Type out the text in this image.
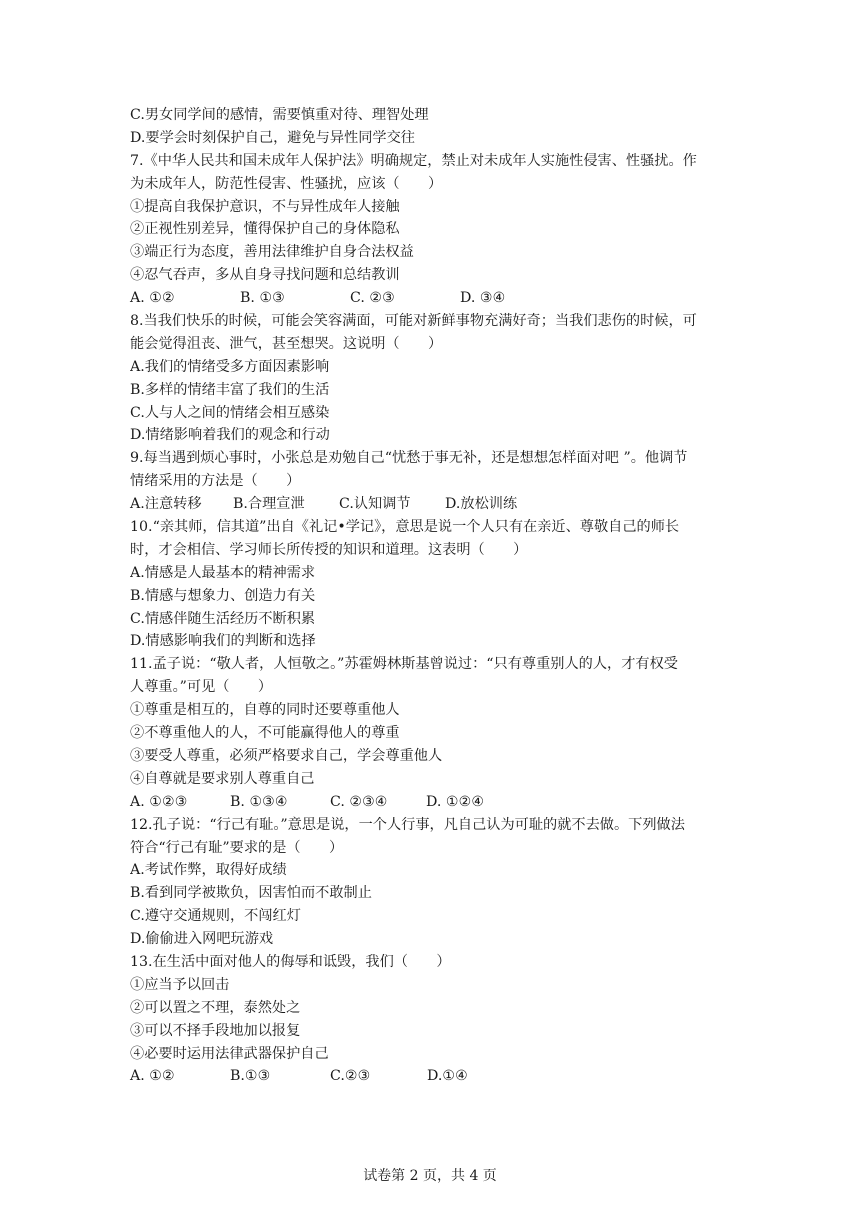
C.男女同学间的感情，需要慎重对待、理智处理
D.要学会时刻保护自己，避免与异性同学交往
7.《中华人民共和国未成年人保护法》明确规定，禁止对未成年人实施性侵害、性骚扰。作
为未成年人，防范性侵害、性骚扰，应该（　　）
①提高自我保护意识，不与异性成年人接触
②正视性别差异，懂得保护自己的身体隐私
③端正行为态度，善用法律维护自身合法权益
④忍气吞声，多从自身寻找问题和总结教训
A. ①②	B. ①③	C. ②③	D. ③④
8.当我们快乐的时候，可能会笑容满面，可能对新鲜事物充满好奇；当我们悲伤的时候，可
能会觉得沮丧、泄气，甚至想哭。这说明（　　）
A.我们的情绪受多方面因素影响
B.多样的情绪丰富了我们的生活
C.人与人之间的情绪会相互感染
D.情绪影响着我们的观念和行动
9.每当遇到烦心事时，小张总是劝勉自己“忧愁于事无补，还是想想怎样面对吧 ”。他调节
情绪采用的方法是（　　）
A.注意转移	B.合理宣泄	C.认知调节	D.放松训练
10.“亲其师，信其道”出自《礼记•学记》，意思是说一个人只有在亲近、尊敬自己的师长
时，才会相信、学习师长所传授的知识和道理。这表明（　　）
A.情感是人最基本的精神需求
B.情感与想象力、创造力有关
C.情感伴随生活经历不断积累
D.情感影响我们的判断和选择
11.孟子说：“敬人者，人恒敬之。”苏霍姆林斯基曾说过：“只有尊重别人的人，才有权受
人尊重。”可见（　　）
①尊重是相互的，自尊的同时还要尊重他人
②不尊重他人的人，不可能赢得他人的尊重
③要受人尊重，必须严格要求自己，学会尊重他人
④自尊就是要求别人尊重自己
A. ①②③	B. ①③④	C. ②③④	D. ①②④
12.孔子说：“行己有耻。”意思是说，一个人行事，凡自己认为可耻的就不去做。下列做法
符合“行己有耻”要求的是（　　）
A.考试作弊，取得好成绩
B.看到同学被欺负，因害怕而不敢制止
C.遵守交通规则，不闯红灯
D.偷偷进入网吧玩游戏
13.在生活中面对他人的侮辱和诋毁，我们（　　）
①应当予以回击
②可以置之不理，泰然处之
③可以不择手段地加以报复
④必要时运用法律武器保护自己
A. ①②	B.①③	C.②③	D.①④
试卷第 2 页，共 4 页
